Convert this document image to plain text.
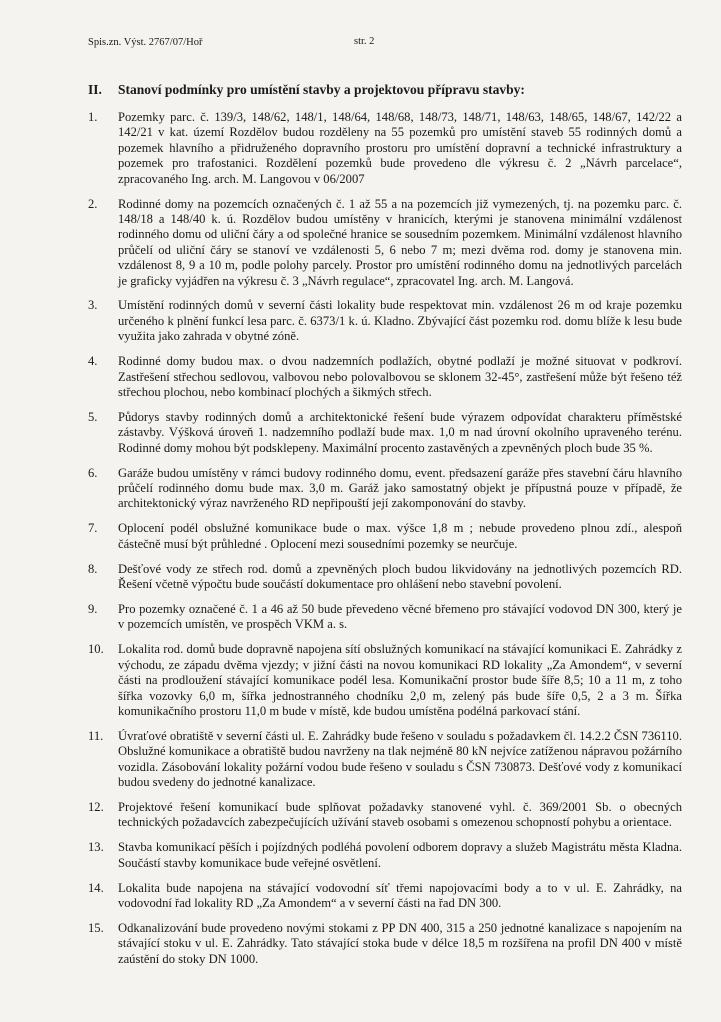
Spis.zn. Výst. 2767/07/Hoř	str. 2
II. Stanoví podmínky pro umístění stavby a projektovou přípravu stavby:
1. Pozemky parc. č. 139/3, 148/62, 148/1, 148/64, 148/68, 148/73, 148/71, 148/63, 148/65, 148/67, 142/22 a 142/21 v kat. území Rozdělov budou rozděleny na 55 pozemků pro umístění staveb 55 rodinných domů a pozemek hlavního a přidruženého dopravního prostoru pro umístění dopravní a technické infrastruktury a pozemek pro trafostanici. Rozdělení pozemků bude provedeno dle výkresu č. 2 „Návrh parcelace“, zpracovaného Ing. arch. M. Langovou v 06/2007
2. Rodinné domy na pozemcích označených č. 1 až 55 a na pozemcích již vymezených, tj. na pozemku parc. č. 148/18 a 148/40 k. ú. Rozdělov budou umístěny v hranicích, kterými je stanovena minimální vzdálenost rodinného domu od uliční čáry a od společné hranice se sousedním pozemkem. Minimální vzdálenost hlavního průčelí od uliční čáry se stanoví ve vzdálenosti 5, 6 nebo 7 m; mezi dvěma rod. domy je stanovena min. vzdálenost 8, 9 a 10 m, podle polohy parcely. Prostor pro umístění rodinného domu na jednotlivých parcelách je graficky vyjádřen na výkresu č. 3 „Návrh regulace“, zpracovatel Ing. arch. M. Langová.
3. Umístění rodinných domů v severní části lokality bude respektovat min. vzdálenost 26 m od kraje pozemku určeného k plnění funkcí lesa parc. č. 6373/1 k. ú. Kladno. Zbývající část pozemku rod. domu blíže k lesu bude využita jako zahrada v obytné zóně.
4. Rodinné domy budou max. o dvou nadzemních podlažích, obytné podlaží je možné situovat v podkroví. Zastřešení střechou sedlovou, valbovou nebo polovalbovou se sklonem 32-45°, zastřešení může být řešeno též střechou plochou, nebo kombinací plochých a šikmých střech.
5. Půdorys stavby rodinných domů a architektonické řešení bude výrazem odpovídat charakteru příměstské zástavby. Výšková úroveň 1. nadzemního podlaží bude max. 1,0 m nad úrovní okolního upraveného terénu. Rodinné domy mohou být podsklepeny. Maximální procento zastavěných a zpevněných ploch bude 35 %.
6. Garáže budou umístěny v rámci budovy rodinného domu, event. předsazení garáže přes stavební čáru hlavního průčelí rodinného domu bude max. 3,0 m. Garáž jako samostatný objekt je přípustná pouze v případě, že architektonický výraz navrženého RD nepřipouští její zakomponování do stavby.
7. Oplocení podél obslužné komunikace bude o max. výšce 1,8 m ; nebude provedeno plnou zdí., alespoň částečně musí být průhledné . Oplocení mezi sousedními pozemky se neurčuje.
8. Dešťové vody ze střech rod. domů a zpevněných ploch budou likvidovány na jednotlivých pozemcích RD. Řešení včetně výpočtu bude součástí dokumentace pro ohlášení nebo stavební povolení.
9. Pro pozemky označené č. 1 a 46 až 50 bude převedeno věcné břemeno pro stávající vodovod DN 300, který je v pozemcích umístěn, ve prospěch VKM a. s.
10. Lokalita rod. domů bude dopravně napojena sítí obslužných komunikací na stávající komunikaci E. Zahrádky z východu, ze západu dvěma vjezdy; v jižní části na novou komunikaci RD lokality „Za Amondem“, v severní části na prodloužení stávající komunikace podél lesa. Komunikační prostor bude šíře 8,5; 10 a 11 m, z toho šířka vozovky 6,0 m, šířka jednostranného chodníku 2,0 m, zelený pás bude šíře 0,5, 2 a 3 m. Šířka komunikačního prostoru 11,0 m bude v místě, kde budou umístěna podélná parkovací stání.
11. Úvraťové obratiště v severní části ul. E. Zahrádky bude řešeno v souladu s požadavkem čl. 14.2.2 ČSN 736110. Obslužné komunikace a obratiště budou navrženy na tlak nejméně 80 kN nejvíce zatíženou nápravou požárního vozidla. Zásobování lokality požární vodou bude řešeno v souladu s ČSN 730873. Dešťové vody z komunikací budou svedeny do jednotné kanalizace.
12. Projektové řešení komunikací bude splňovat požadavky stanovené vyhl. č. 369/2001 Sb. o obecných technických požadavcích zabezpečujících užívání staveb osobami s omezenou schopností pohybu a orientace.
13. Stavba komunikací pěších i pojízdných podléhá povolení odborem dopravy a služeb Magistrátu města Kladna. Součástí stavby komunikace bude veřejné osvětlení.
14. Lokalita bude napojena na stávající vodovodní síť třemi napojovacími body a to v ul. E. Zahrádky, na vodovodní řad lokality RD „Za Amondem“ a v severní části na řad DN 300.
15. Odkanalizování bude provedeno novými stokami z PP DN 400, 315 a 250 jednotné kanalizace s napojením na stávající stoku v ul. E. Zahrádky. Tato stávající stoka bude v délce 18,5 m rozšířena na profil DN 400 v místě zaústění do stoky DN 1000.
